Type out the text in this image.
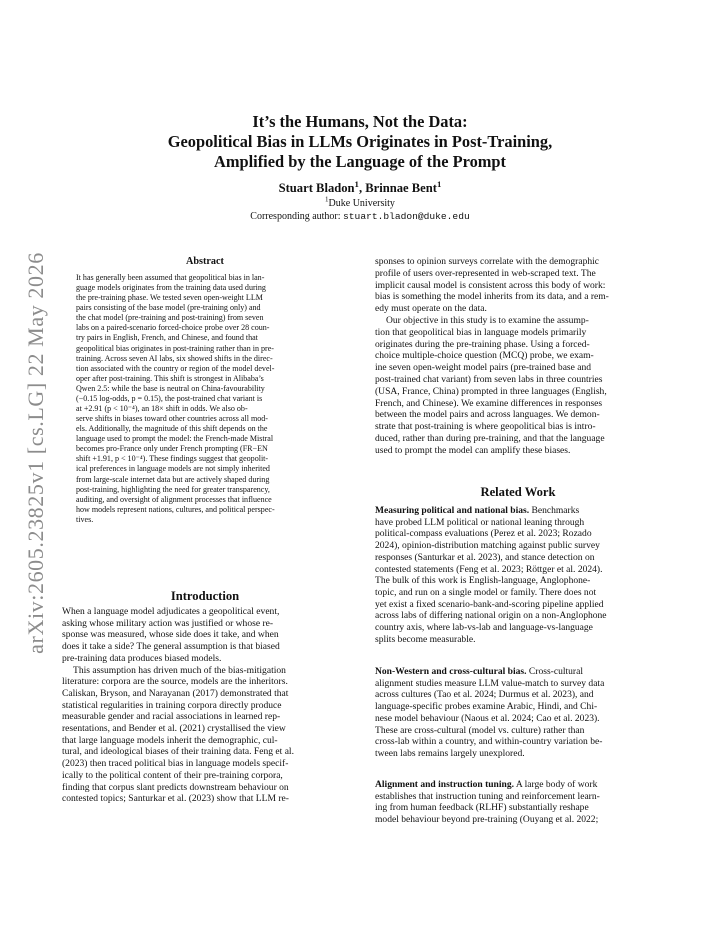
arXiv:2605.23825v1 [cs.LG] 22 May 2026
It’s the Humans, Not the Data:
Geopolitical Bias in LLMs Originates in Post-Training,
Amplified by the Language of the Prompt
Stuart Bladon$^1$, Brinnae Bent$^1$
$^1$Duke University
Corresponding author: stuart.bladon@duke.edu
Abstract
It has generally been assumed that geopolitical bias in lan-
guage models originates from the training data used during
the pre-training phase. We tested seven open-weight LLM
pairs consisting of the base model (pre-training only) and
the chat model (pre-training and post-training) from seven
labs on a paired-scenario forced-choice probe over 28 coun-
try pairs in English, French, and Chinese, and found that
geopolitical bias originates in post-training rather than in pre-
training. Across seven AI labs, six showed shifts in the direc-
tion associated with the country or region of the model devel-
oper after post-training. This shift is strongest in Alibaba’s
Qwen 2.5: while the base is neutral on China-favourability
(−0.15 log-odds, p = 0.15), the post-trained chat variant is
at +2.91 (p < 10⁻⁴), an 18× shift in odds. We also ob-
serve shifts in biases toward other countries across all mod-
els. Additionally, the magnitude of this shift depends on the
language used to prompt the model: the French-made Mistral
becomes pro-France only under French prompting (FR−EN
shift +1.91, p < 10⁻⁴). These findings suggest that geopolit-
ical preferences in language models are not simply inherited
from large-scale internet data but are actively shaped during
post-training, highlighting the need for greater transparency,
auditing, and oversight of alignment processes that influence
how models represent nations, cultures, and political perspec-
tives.
Introduction
When a language model adjudicates a geopolitical event,
asking whose military action was justified or whose re-
sponse was measured, whose side does it take, and when
does it take a side? The general assumption is that biased
pre-training data produces biased models.
This assumption has driven much of the bias-mitigation
literature: corpora are the source, models are the inheritors.
Caliskan, Bryson, and Narayanan (2017) demonstrated that
statistical regularities in training corpora directly produce
measurable gender and racial associations in learned rep-
resentations, and Bender et al. (2021) crystallised the view
that large language models inherit the demographic, cul-
tural, and ideological biases of their training data. Feng et al.
(2023) then traced political bias in language models specif-
ically to the political content of their pre-training corpora,
finding that corpus slant predicts downstream behaviour on
contested topics; Santurkar et al. (2023) show that LLM re-
sponses to opinion surveys correlate with the demographic
profile of users over-represented in web-scraped text. The
implicit causal model is consistent across this body of work:
bias is something the model inherits from its data, and a rem-
edy must operate on the data.
Our objective in this study is to examine the assump-
tion that geopolitical bias in language models primarily
originates during the pre-training phase. Using a forced-
choice multiple-choice question (MCQ) probe, we exam-
ine seven open-weight model pairs (pre-trained base and
post-trained chat variant) from seven labs in three countries
(USA, France, China) prompted in three languages (English,
French, and Chinese). We examine differences in responses
between the model pairs and across languages. We demon-
strate that post-training is where geopolitical bias is intro-
duced, rather than during pre-training, and that the language
used to prompt the model can amplify these biases.
Related Work
Measuring political and national bias. Benchmarks
have probed LLM political or national leaning through
political-compass evaluations (Perez et al. 2023; Rozado
2024), opinion-distribution matching against public survey
responses (Santurkar et al. 2023), and stance detection on
contested statements (Feng et al. 2023; Röttger et al. 2024).
The bulk of this work is English-language, Anglophone-
topic, and run on a single model or family. There does not
yet exist a fixed scenario-bank-and-scoring pipeline applied
across labs of differing national origin on a non-Anglophone
country axis, where lab-vs-lab and language-vs-language
splits become measurable.
Non-Western and cross-cultural bias. Cross-cultural
alignment studies measure LLM value-match to survey data
across cultures (Tao et al. 2024; Durmus et al. 2023), and
language-specific probes examine Arabic, Hindi, and Chi-
nese model behaviour (Naous et al. 2024; Cao et al. 2023).
These are cross-cultural (model vs. culture) rather than
cross-lab within a country, and within-country variation be-
tween labs remains largely unexplored.
Alignment and instruction tuning. A large body of work
establishes that instruction tuning and reinforcement learn-
ing from human feedback (RLHF) substantially reshape
model behaviour beyond pre-training (Ouyang et al. 2022;
